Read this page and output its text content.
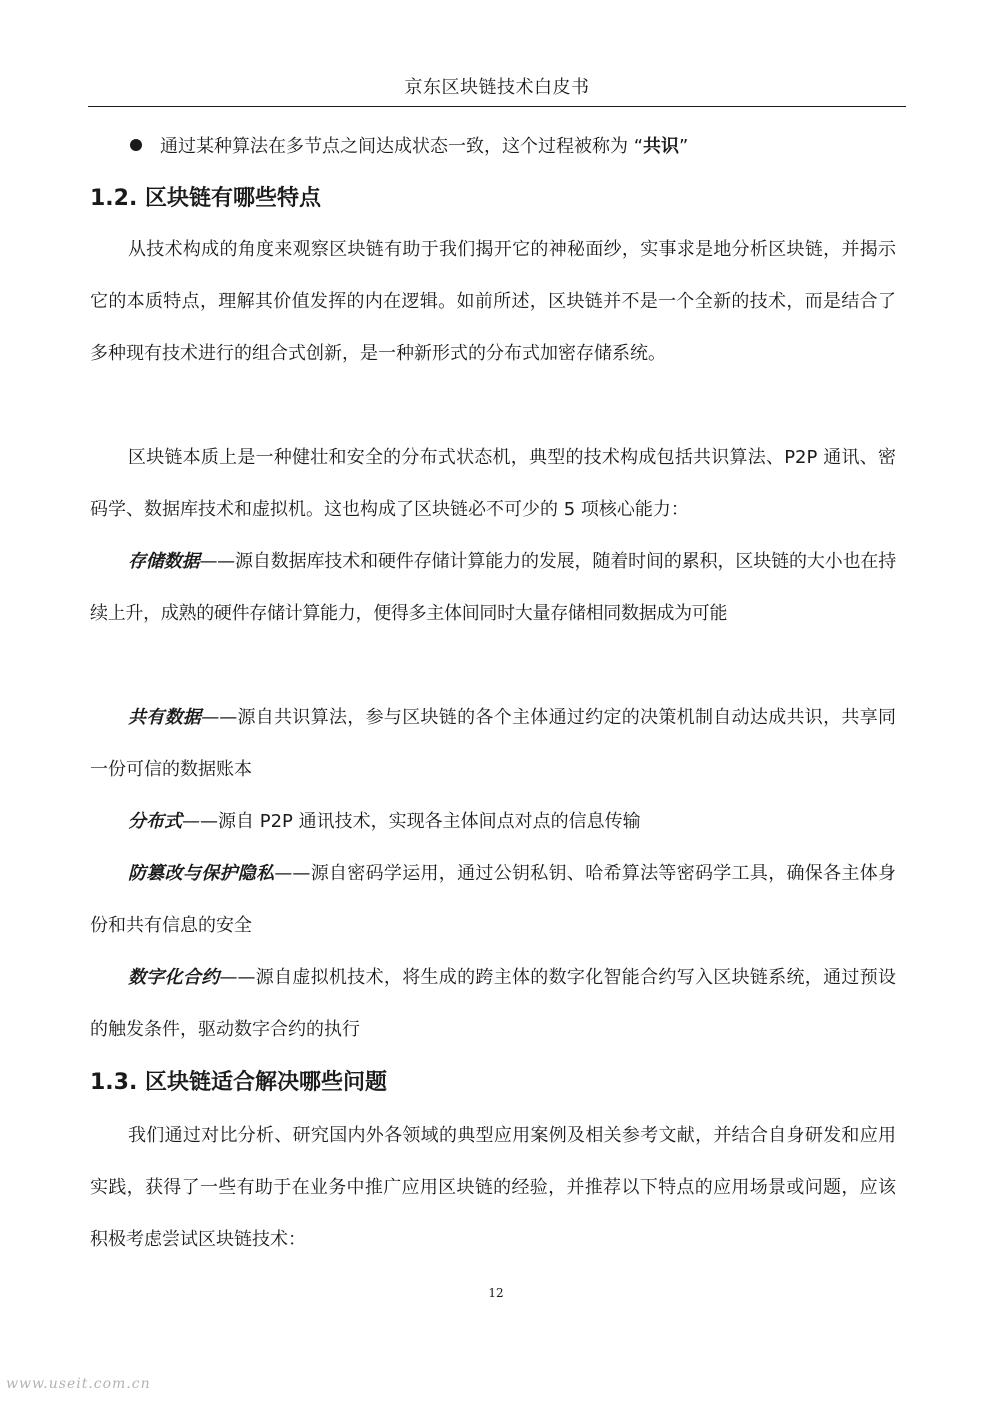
京东区块链技术白皮书
通过某种算法在多节点之间达成状态一致，这个过程被称为 “共识”
1.2. 区块链有哪些特点

从技术构成的角度来观察区块链有助于我们揭开它的神秘面纱，实事求是地分析区块链，并揭示它的本质特点，理解其价值发挥的内在逻辑。如前所述，区块链并不是一个全新的技术，而是结合了多种现有技术进行的组合式创新，是一种新形式的分布式加密存储系统。

区块链本质上是一种健壮和安全的分布式状态机，典型的技术构成包括共识算法、P2P 通讯、密码学、数据库技术和虚拟机。这也构成了区块链必不可少的 5 项核心能力：

存储数据——源自数据库技术和硬件存储计算能力的发展，随着时间的累积，区块链的大小也在持续上升，成熟的硬件存储计算能力，便得多主体间同时大量存储相同数据成为可能

共有数据——源自共识算法，参与区块链的各个主体通过约定的决策机制自动达成共识，共享同一份可信的数据账本

分布式——源自 P2P 通讯技术，实现各主体间点对点的信息传输

防篡改与保护隐私——源自密码学运用，通过公钥私钥、哈希算法等密码学工具，确保各主体身份和共有信息的安全

数字化合约——源自虚拟机技术，将生成的跨主体的数字化智能合约写入区块链系统，通过预设的触发条件，驱动数字合约的执行

1.3. 区块链适合解决哪些问题

我们通过对比分析、研究国内外各领域的典型应用案例及相关参考文献，并结合自身研发和应用实践，获得了一些有助于在业务中推广应用区块链的经验，并推荐以下特点的应用场景或问题，应该积极考虑尝试区块链技术：

12
www.useit.com.cn
